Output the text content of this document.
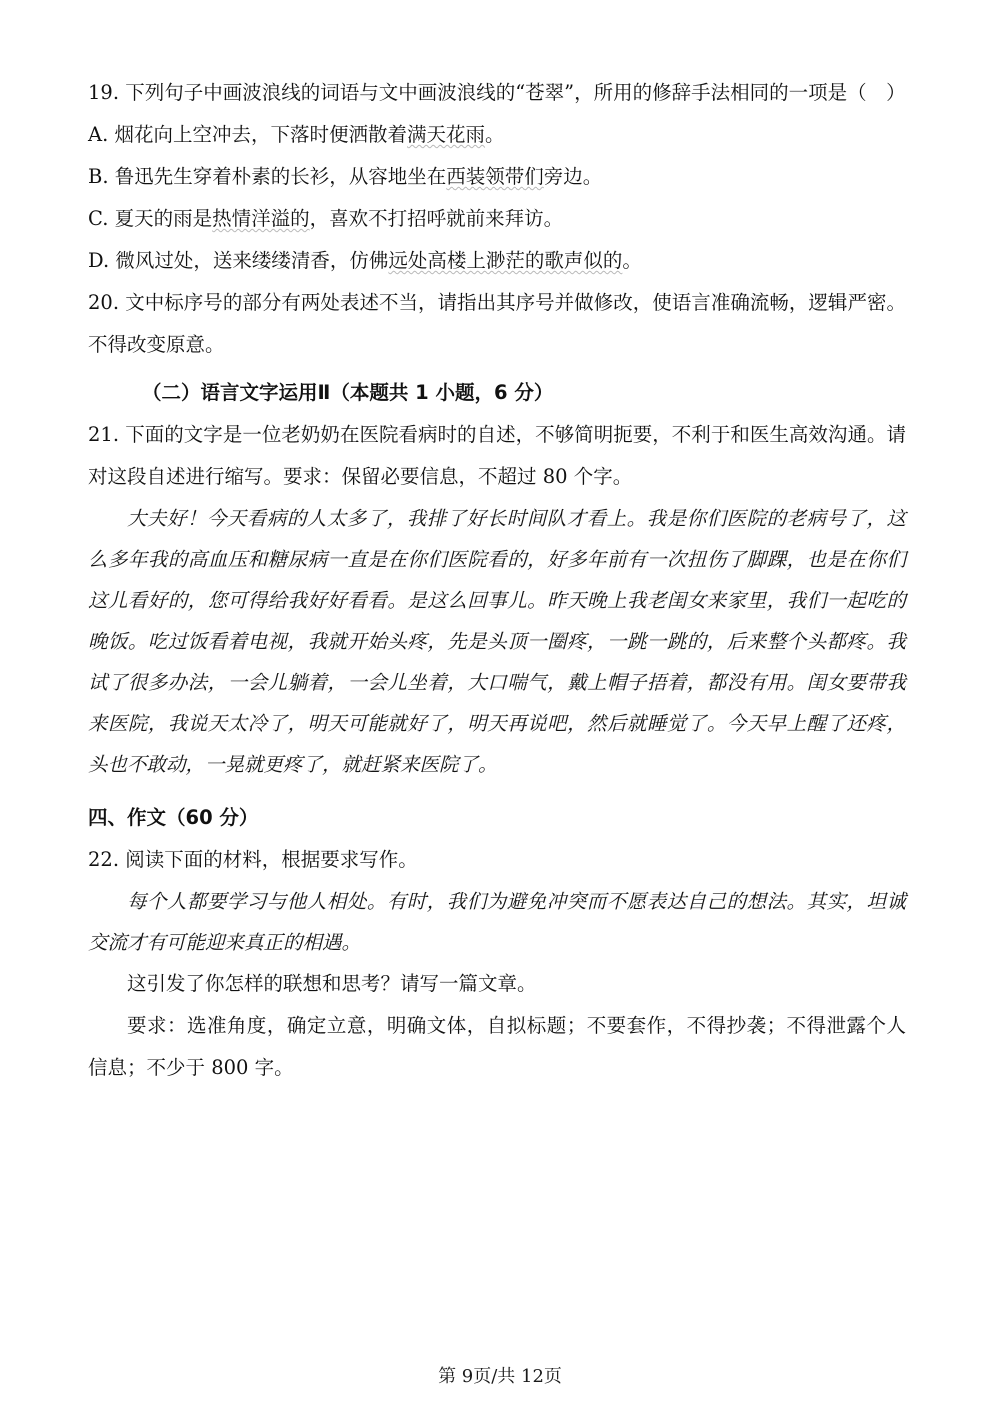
19. 下列句子中画波浪线的词语与文中画波浪线的“苍翠”，所用的修辞手法相同的一项是（　）
A. 烟花向上空冲去，下落时便洒散着满天花雨。
B. 鲁迅先生穿着朴素的长衫，从容地坐在西装领带们旁边。
C. 夏天的雨是热情洋溢的，喜欢不打招呼就前来拜访。
D. 微风过处，送来缕缕清香，仿佛远处高楼上渺茫的歌声似的。
20. 文中标序号的部分有两处表述不当，请指出其序号并做修改，使语言准确流畅，逻辑严密。不得改变原意。
（二）语言文字运用Ⅱ（本题共 1 小题，6 分）
21. 下面的文字是一位老奶奶在医院看病时的自述，不够简明扼要，不利于和医生高效沟通。请对这段自述进行缩写。要求：保留必要信息，不超过 80 个字。
大夫好！今天看病的人太多了，我排了好长时间队才看上。我是你们医院的老病号了，这么多年我的高血压和糖尿病一直是在你们医院看的，好多年前有一次扭伤了脚踝，也是在你们这儿看好的，您可得给我好好看看。是这么回事儿。昨天晚上我老闺女来家里，我们一起吃的晚饭。吃过饭看着电视，我就开始头疼，先是头顶一圈疼，一跳一跳的，后来整个头都疼。我试了很多办法，一会儿躺着，一会儿坐着，大口喘气，戴上帽子捂着，都没有用。闺女要带我来医院，我说天太冷了，明天可能就好了，明天再说吧，然后就睡觉了。今天早上醒了还疼，头也不敢动，一晃就更疼了，就赶紧来医院了。
四、作文（60 分）
22. 阅读下面的材料，根据要求写作。
每个人都要学习与他人相处。有时，我们为避免冲突而不愿表达自己的想法。其实，坦诚交流才有可能迎来真正的相遇。
这引发了你怎样的联想和思考？请写一篇文章。
要求：选准角度，确定立意，明确文体，自拟标题；不要套作，不得抄袭；不得泄露个人信息；不少于 800 字。
第 9页/共 12页
